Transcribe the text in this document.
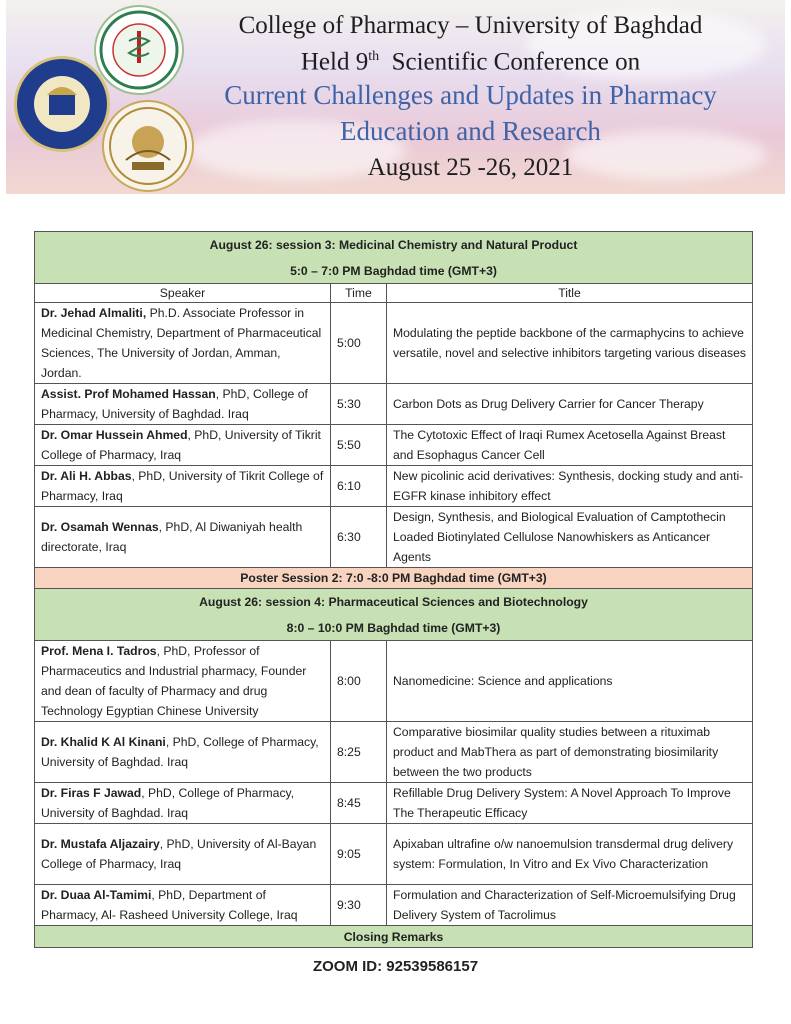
College of Pharmacy – University of Baghdad
Held 9th  Scientific Conference on
Current Challenges and Updates in Pharmacy
Education and Research
August 25 -26, 2021
August 26: session 3: Medicinal Chemistry and Natural Product
5:0 – 7:0 PM Baghdad time (GMT+3)		

Speaker	Time	Title
Dr. Jehad Almaliti, Ph.D. Associate Professor in Medicinal Chemistry, Department of Pharmaceutical Sciences, The University of Jordan, Amman, Jordan.	5:00	Modulating the peptide backbone of the carmaphycins to achieve versatile, novel and selective inhibitors targeting various diseases
Assist. Prof Mohamed Hassan, PhD, College of Pharmacy, University of Baghdad. Iraq	5:30	Carbon Dots as Drug Delivery Carrier for Cancer Therapy
Dr. Omar Hussein Ahmed, PhD, University of Tikrit College of Pharmacy, Iraq	5:50	The Cytotoxic Effect of Iraqi Rumex Acetosella Against Breast and Esophagus Cancer Cell
Dr. Ali H. Abbas, PhD, University of Tikrit College of Pharmacy, Iraq	6:10	New picolinic acid derivatives: Synthesis, docking study and anti-EGFR kinase inhibitory effect
Dr. Osamah Wennas, PhD, Al Diwaniyah health directorate, Iraq	6:30	Design, Synthesis, and Biological Evaluation of Camptothecin Loaded Biotinylated Cellulose Nanowhiskers as Anticancer Agents
Poster Session 2: 7:0 -8:0 PM Baghdad time (GMT+3)		

August 26: session 4: Pharmaceutical Sciences and Biotechnology
8:0 – 10:0 PM Baghdad time (GMT+3)		

Prof. Mena I. Tadros, PhD, Professor of Pharmaceutics and Industrial pharmacy, Founder and dean of faculty of Pharmacy and drug Technology Egyptian Chinese University	8:00	Nanomedicine: Science and applications
Dr. Khalid K Al Kinani, PhD, College of Pharmacy, University of Baghdad. Iraq	8:25	Comparative biosimilar quality studies between a rituximab product and MabThera as part of demonstrating biosimilarity between the two products
Dr. Firas F Jawad, PhD, College of Pharmacy, University of Baghdad. Iraq	8:45	Refillable Drug Delivery System: A Novel Approach To Improve The Therapeutic Efficacy
Dr. Mustafa Aljazairy, PhD, University of Al-Bayan College of Pharmacy, Iraq	9:05	Apixaban ultrafine o/w nanoemulsion transdermal drug delivery system: Formulation, In Vitro and Ex Vivo Characterization
Dr. Duaa Al-Tamimi, PhD, Department of Pharmacy, Al- Rasheed University College, Iraq	9:30	Formulation and Characterization of Self-Microemulsifying Drug Delivery System of Tacrolimus
Closing Remarks		
ZOOM ID: 92539586157
